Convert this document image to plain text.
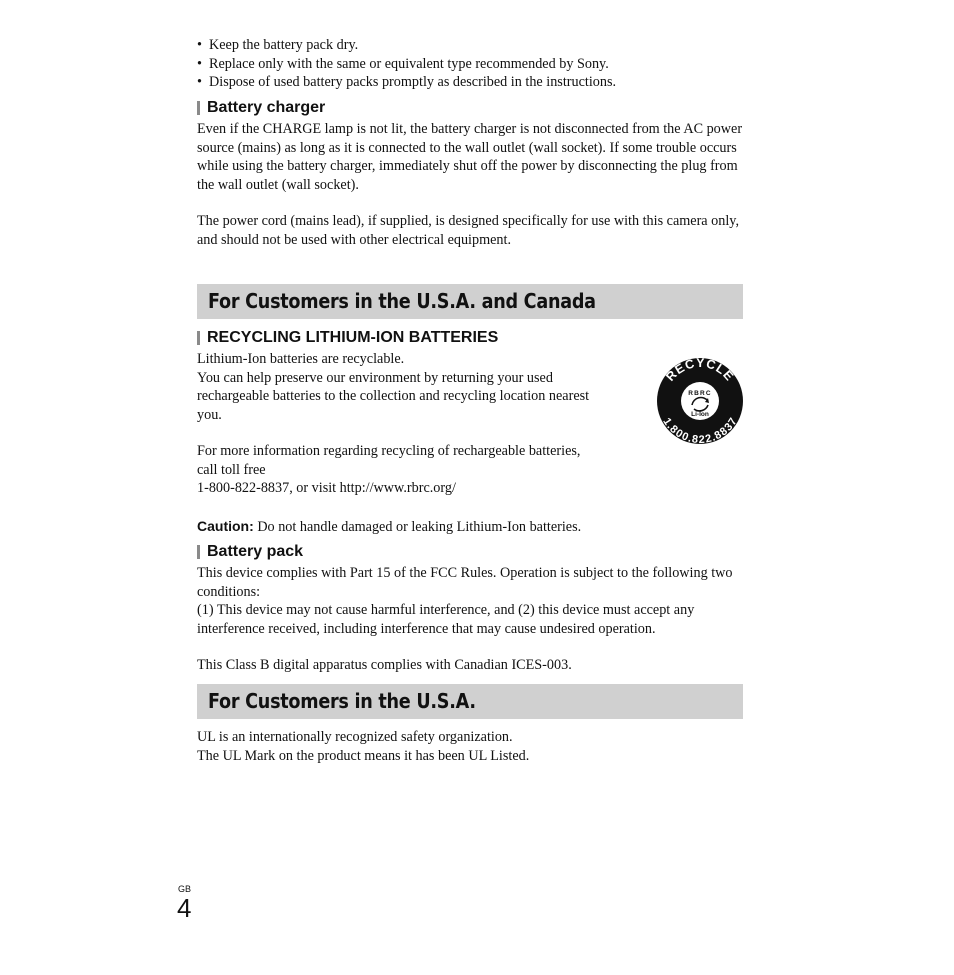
• Keep the battery pack dry.
• Replace only with the same or equivalent type recommended by Sony.
• Dispose of used battery packs promptly as described in the instructions.
Battery charger

Even if the CHARGE lamp is not lit, the battery charger is not disconnected from the AC power source (mains) as long as it is connected to the wall outlet (wall socket). If some trouble occurs while using the battery charger, immediately shut off the power by disconnecting the plug from the wall outlet (wall socket).

The power cord (mains lead), if supplied, is designed specifically for use with this camera only, and should not be used with other electrical equipment.

For Customers in the U.S.A. and Canada
RECYCLING LITHIUM-ION BATTERIES
Lithium-Ion batteries are recyclable.
You can help preserve our environment by returning your used
rechargeable batteries to the collection and recycling location nearest
you.
For more information regarding recycling of rechargeable batteries,
call toll free
1-800-822-8837, or visit http://www.rbrc.org/
RECYCLE
1.800.822.8837
RBRC
Li-Ion
Caution: Do not handle damaged or leaking Lithium-Ion batteries.
Battery pack

This device complies with Part 15 of the FCC Rules. Operation is subject to the following two conditions:

(1) This device may not cause harmful interference, and (2) this device must accept any interference received, including interference that may cause undesired operation.

This Class B digital apparatus complies with Canadian ICES-003.

For Customers in the U.S.A.
UL is an internationally recognized safety organization.
The UL Mark on the product means it has been UL Listed.
GB
4
